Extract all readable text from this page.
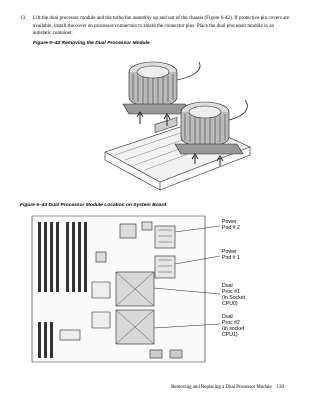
13. Lift the dual processor module and the turbo fan assembly up and out of the chassis (Figure 6-42). If protective pin covers are available, install the cover on processor connectors to shield the connector pins. Place the dual processor module in an antistatic container.
Figure 6–42 Removing the Dual Processor Module
Figure 6–43 Dual Processor Module Location on System Board
Power Pod # 2
Power Pod # 1
Dual Proc #1 (in Socket CPU0)
Dual Proc #2 (in socket CPU1)
Removing and Replacing a Dual Processor Module 139
